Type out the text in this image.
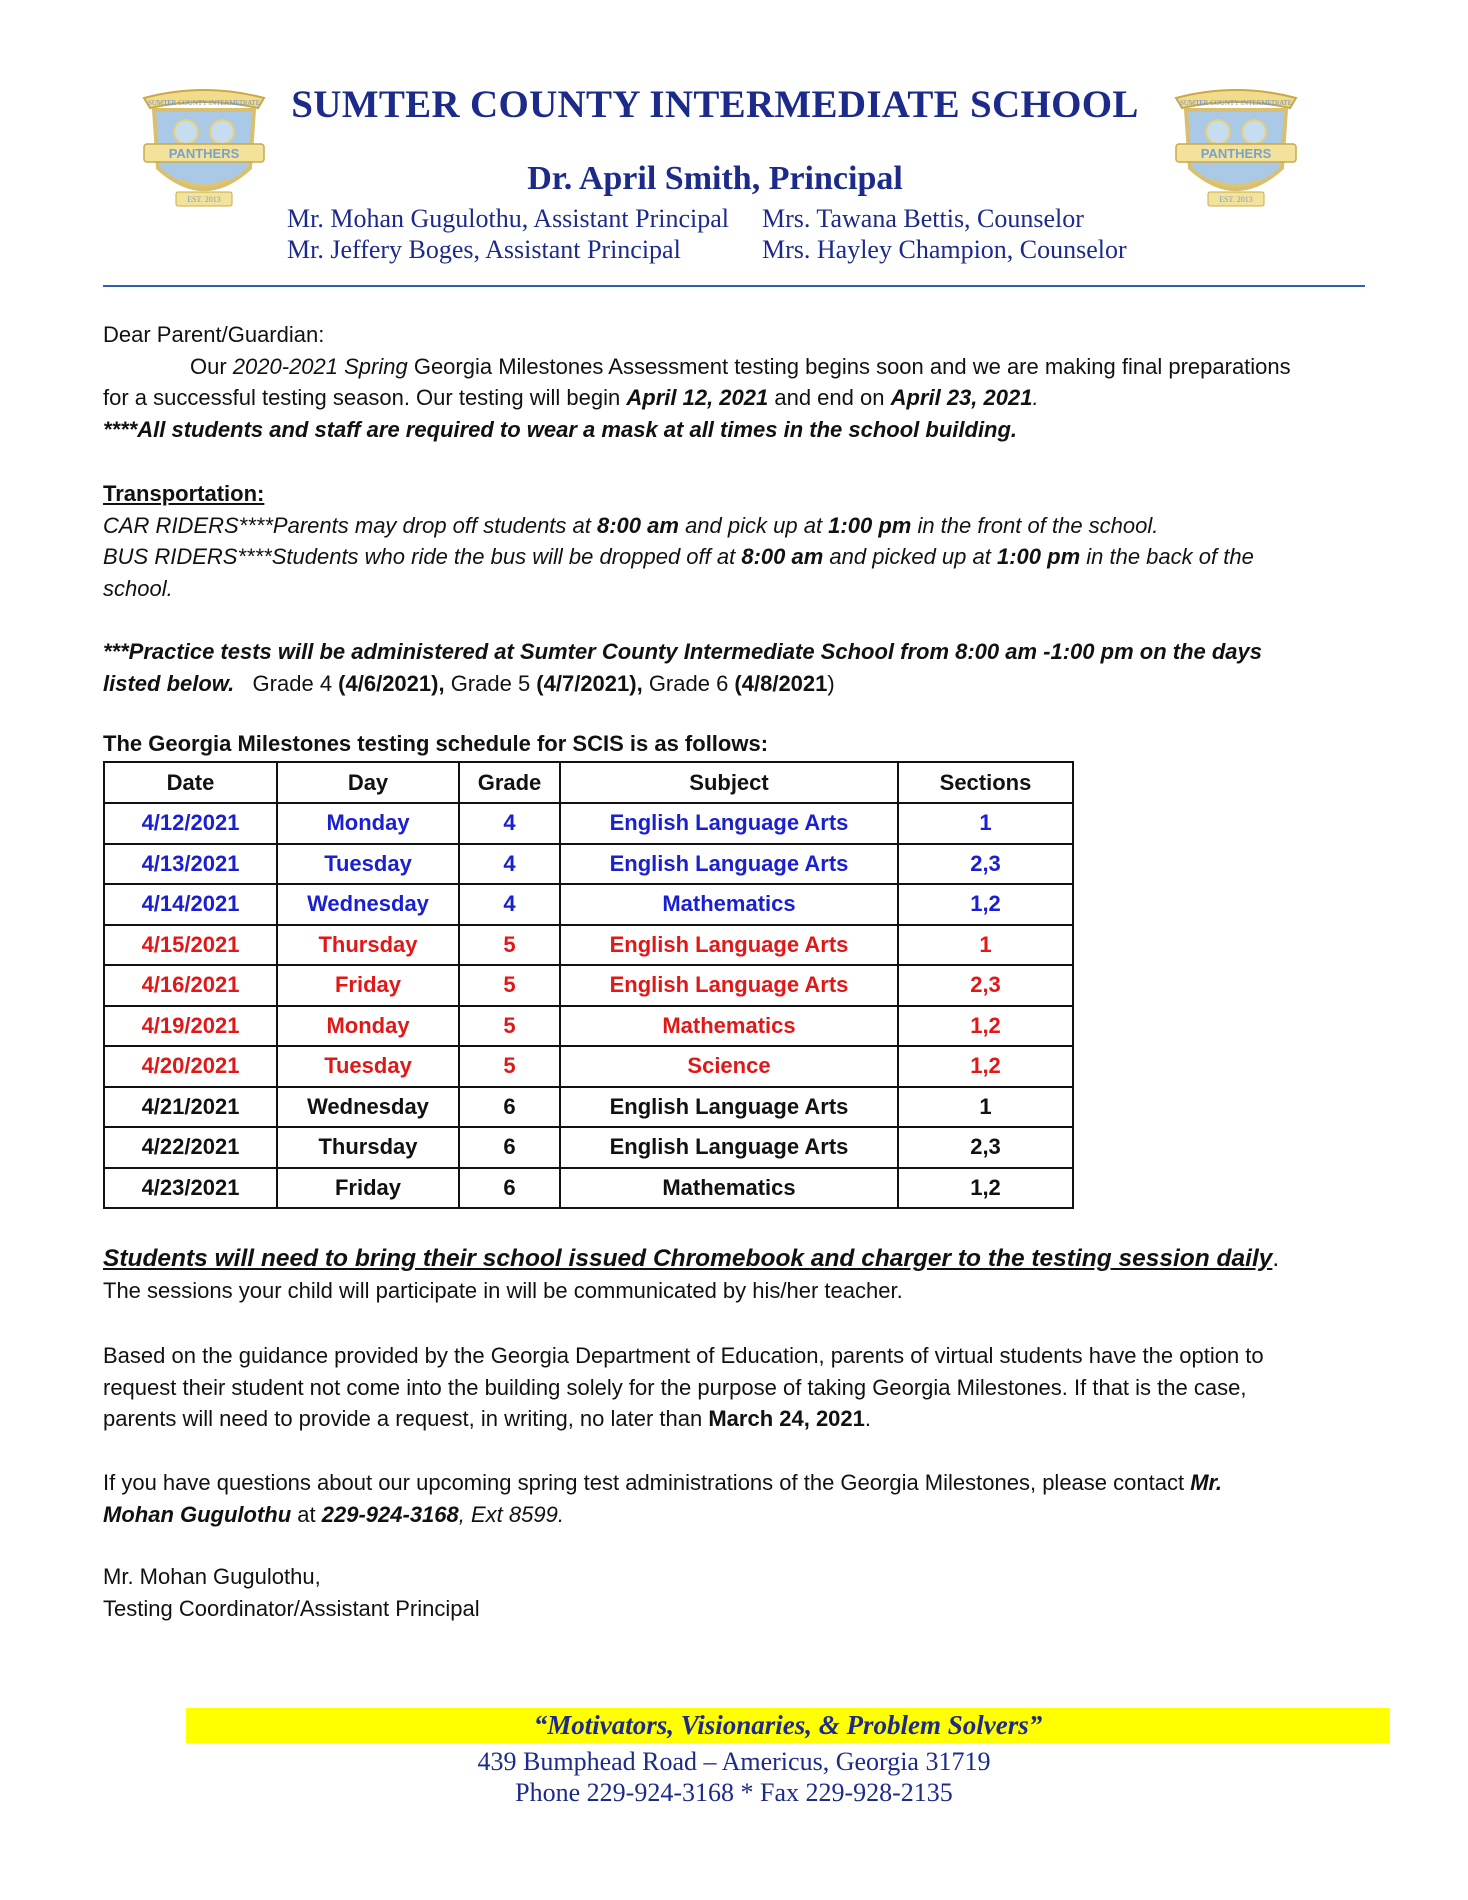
SUMTER COUNTY INTERMEDIATE
PANTHERS
EST. 2013
SUMTER COUNTY INTERMEDIATE
PANTHERS
EST. 2013
SUMTER COUNTY INTERMEDIATE SCHOOL
Dr. April Smith, Principal
Mr. Mohan Gugulothu, Assistant Principal
Mr. Jeffery Boges, Assistant Principal
Mrs. Tawana Bettis, Counselor
Mrs. Hayley Champion, Counselor
Dear Parent/Guardian:
Our 2020-2021 Spring Georgia Milestones Assessment testing begins soon and we are making final preparations
for a successful testing season. Our testing will begin April 12, 2021 and end on April 23, 2021.
****All students and staff are required to wear a mask at all times in the school building.
Transportation:
CAR RIDERS****Parents may drop off students at 8:00 am and pick up at 1:00 pm in the front of the school.
BUS RIDERS****Students who ride the bus will be dropped off at 8:00 am and picked up at 1:00 pm in the back of the
school.
***Practice tests will be administered at Sumter County Intermediate School from 8:00 am -1:00 pm on the days
listed below.   Grade 4 (4/6/2021), Grade 5 (4/7/2021), Grade 6 (4/8/2021)
The Georgia Milestones testing schedule for SCIS is as follows:
Date	Day	Grade	Subject	Sections
4/12/2021	Monday	4	English Language Arts	1
4/13/2021	Tuesday	4	English Language Arts	2,3
4/14/2021	Wednesday	4	Mathematics	1,2
4/15/2021	Thursday	5	English Language Arts	1
4/16/2021	Friday	5	English Language Arts	2,3
4/19/2021	Monday	5	Mathematics	1,2
4/20/2021	Tuesday	5	Science	1,2
4/21/2021	Wednesday	6	English Language Arts	1
4/22/2021	Thursday	6	English Language Arts	2,3
4/23/2021	Friday	6	Mathematics	1,2
Students will need to bring their school issued Chromebook and charger to the testing session daily.
The sessions your child will participate in will be communicated by his/her teacher.
Based on the guidance provided by the Georgia Department of Education, parents of virtual students have the option to
request their student not come into the building solely for the purpose of taking Georgia Milestones. If that is the case,
parents will need to provide a request, in writing, no later than March 24, 2021.
If you have questions about our upcoming spring test administrations of the Georgia Milestones, please contact Mr.
Mohan Gugulothu at 229-924-3168, Ext 8599.
Mr. Mohan Gugulothu,
Testing Coordinator/Assistant Principal
“Motivators, Visionaries, & Problem Solvers”
439 Bumphead Road – Americus, Georgia 31719
Phone 229-924-3168 * Fax 229-928-2135
